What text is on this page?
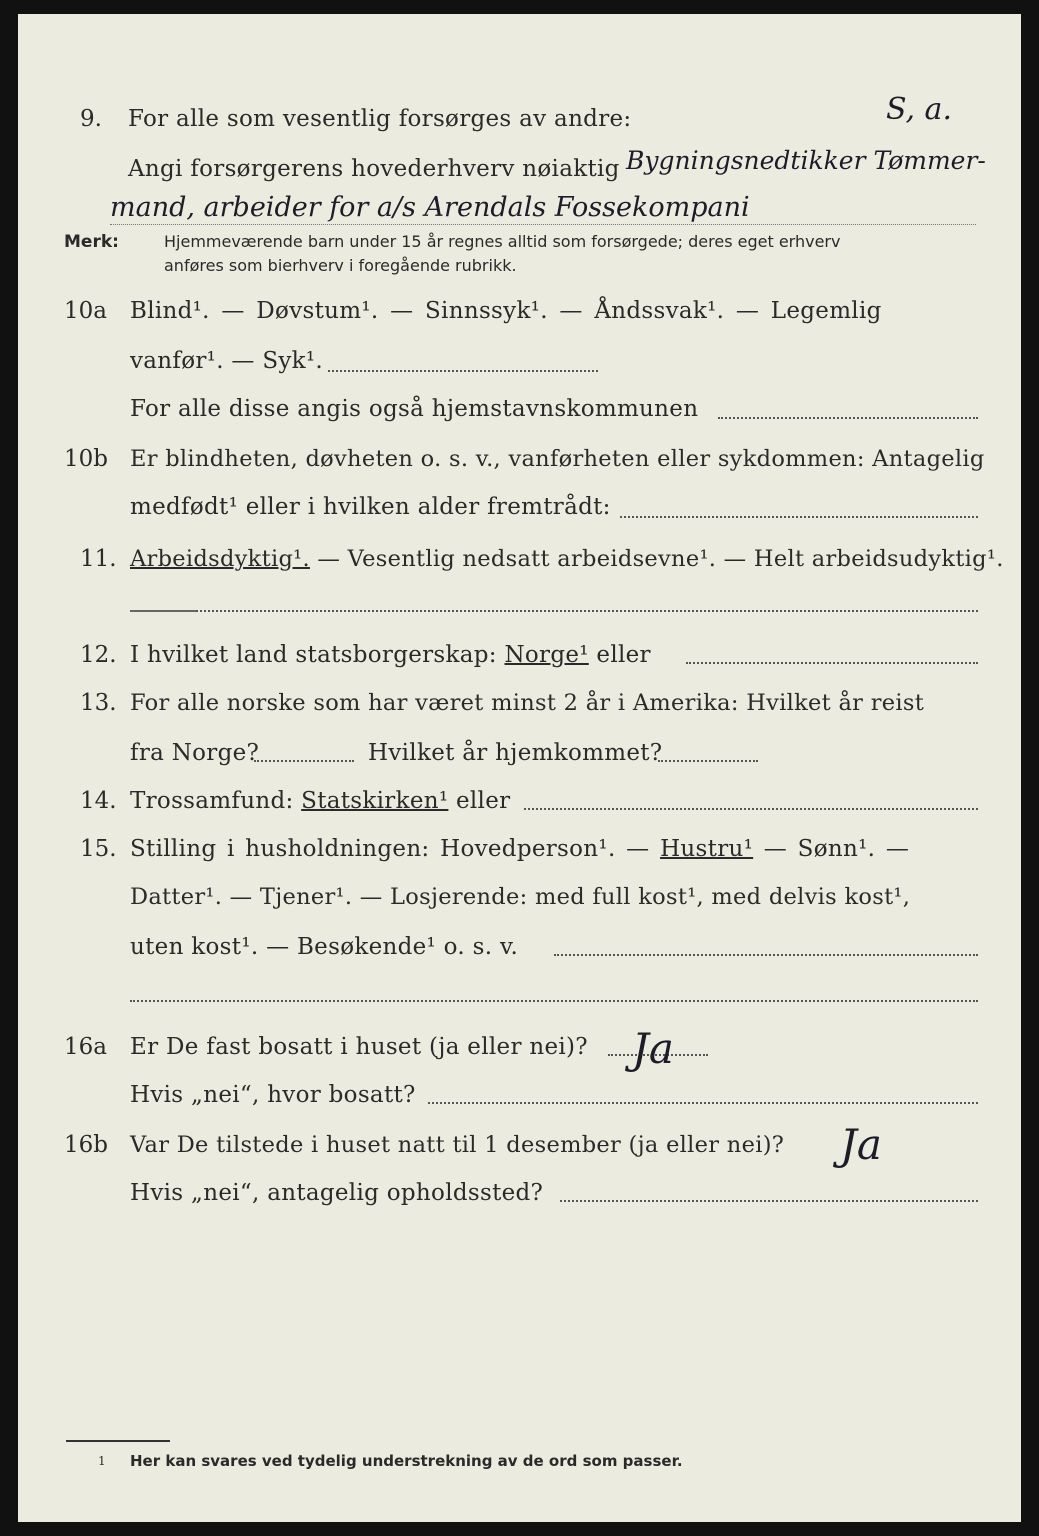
9. For alle som vesentlig forsørges av andre:	S, a.
Angi forsørgerens hovederhverv nøiaktig Bygningsnedtikker Tømmer-
mand, arbeider for a/s Arendals Fossekompani
Merk:	Hjemmeværende barn under 15 år regnes alltid som forsørgede; deres eget erhverv
anføres som bierhverv i foregående rubrikk.
10a Blind¹. — Døvstum¹. — Sinnssyk¹. — Åndssvak¹. — Legemlig
vanfør¹. — Syk¹.
For alle disse angis også hjemstavnskommunen
10b Er blindheten, døvheten o. s. v., vanførheten eller sykdommen: Antagelig
medfødt¹ eller i hvilken alder fremtrådt:
11. Arbeidsdyktig¹. — Vesentlig nedsatt arbeidsevne¹. — Helt arbeidsudyktig¹.
12. I hvilket land statsborgerskap: Norge¹ eller
13. For alle norske som har været minst 2 år i Amerika: Hvilket år reist
fra Norge?	Hvilket år hjemkommet?
14. Trossamfund: Statskirken¹ eller
15. Stilling i husholdningen: Hovedperson¹. — Hustru¹ — Sønn¹. —
Datter¹. — Tjener¹. — Losjerende: med full kost¹, med delvis kost¹,
uten kost¹. — Besøkende¹ o. s. v.
16a Er De fast bosatt i huset (ja eller nei)? Ja
Hvis „nei“, hvor bosatt?
16b Var De tilstede i huset natt til 1 desember (ja eller nei)? Ja
Hvis „nei“, antagelig opholdssted?
1 Her kan svares ved tydelig understrekning av de ord som passer.
